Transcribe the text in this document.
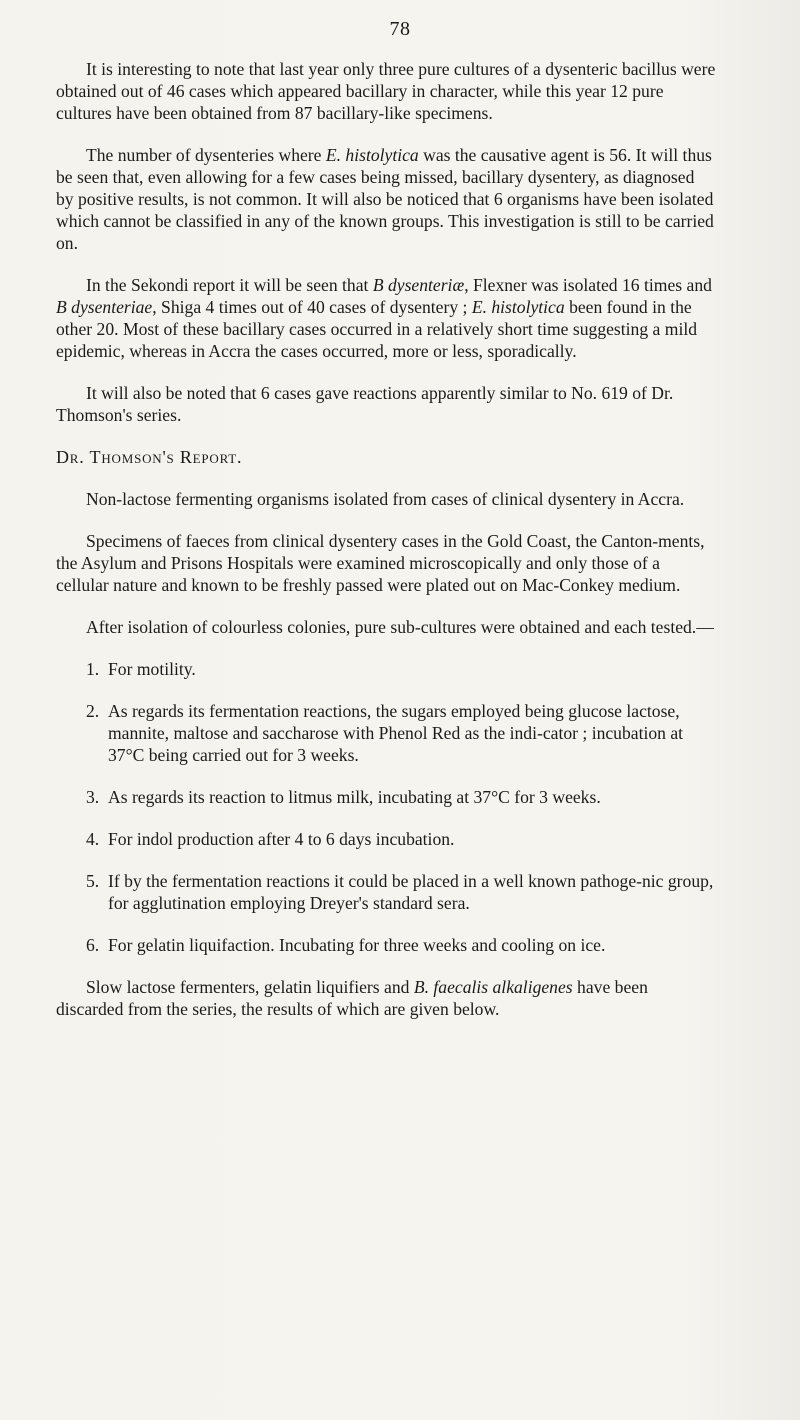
78

It is interesting to note that last year only three pure cultures of a dysenteric bacillus were obtained out of 46 cases which appeared bacillary in character, while this year 12 pure cultures have been obtained from 87 bacillary-like specimens.

The number of dysenteries where E. histolytica was the causative agent is 56. It will thus be seen that, even allowing for a few cases being missed, bacillary dysentery, as diagnosed by positive results, is not common. It will also be noticed that 6 organisms have been isolated which cannot be classified in any of the known groups. This investigation is still to be carried on.

In the Sekondi report it will be seen that B dysenteriæ, Flexner was isolated 16 times and B dysenteriae, Shiga 4 times out of 40 cases of dysentery ; E. histolytica been found in the other 20. Most of these bacillary cases occurred in a relatively short time suggesting a mild epidemic, whereas in Accra the cases occurred, more or less, sporadically.

It will also be noted that 6 cases gave reactions apparently similar to No. 619 of Dr. Thomson's series.

Dr. Thomson's Report.

Non-lactose fermenting organisms isolated from cases of clinical dysentery in Accra.

Specimens of faeces from clinical dysentery cases in the Gold Coast, the Canton-ments, the Asylum and Prisons Hospitals were examined microscopically and only those of a cellular nature and known to be freshly passed were plated out on Mac-Conkey medium.

After isolation of colourless colonies, pure sub-cultures were obtained and each tested.—

1. For motility.
2. As regards its fermentation reactions, the sugars employed being glucose lactose, mannite, maltose and saccharose with Phenol Red as the indi-cator ; incubation at 37°C being carried out for 3 weeks.
3. As regards its reaction to litmus milk, incubating at 37°C for 3 weeks.
4. For indol production after 4 to 6 days incubation.
5. If by the fermentation reactions it could be placed in a well known pathoge-nic group, for agglutination employing Dreyer's standard sera.
6. For gelatin liquifaction. Incubating for three weeks and cooling on ice.

Slow lactose fermenters, gelatin liquifiers and B. faecalis alkaligenes have been discarded from the series, the results of which are given below.
